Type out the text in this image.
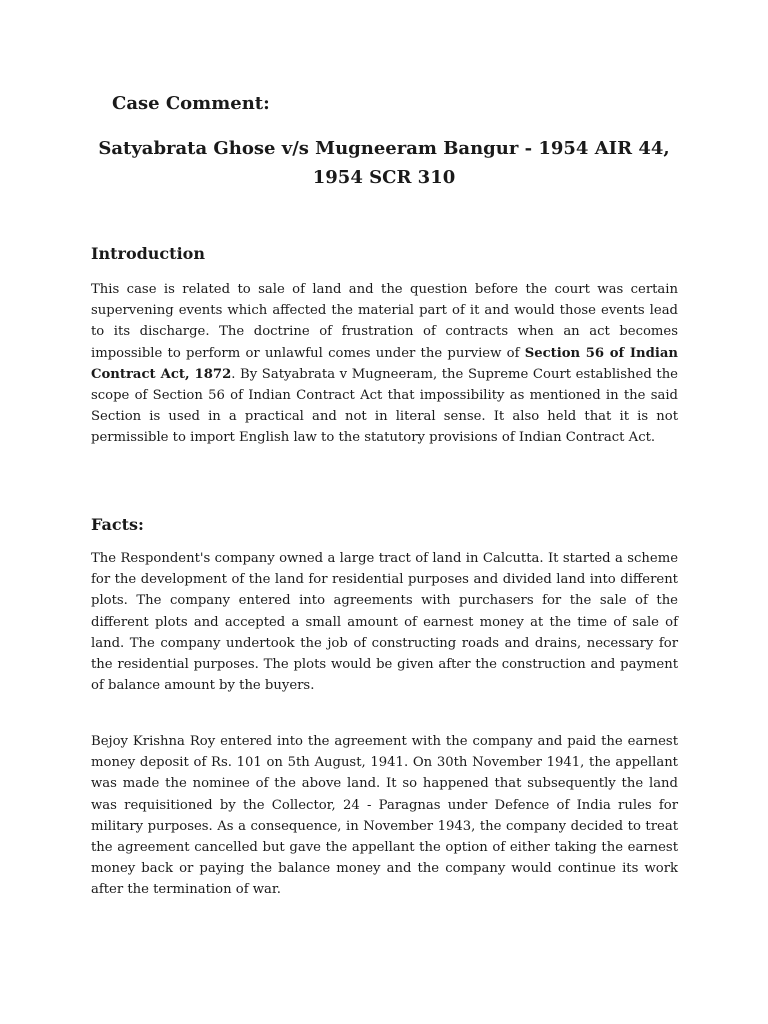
Case Comment:
Satyabrata Ghose v/s Mugneeram Bangur - 1954 AIR 44, 1954 SCR 310
Introduction

This case is related to sale of land and the question before the court was certain supervening events which affected the material part of it and would those events lead to its discharge. The doctrine of frustration of contracts when an act becomes impossible to perform or unlawful comes under the purview of Section 56 of Indian Contract Act, 1872. By Satyabrata v Mugneeram, the Supreme Court established the scope of Section 56 of Indian Contract Act that impossibility as mentioned in the said Section is used in a practical and not in literal sense. It also held that it is not permissible to import English law to the statutory provisions of Indian Contract Act.

Facts:

The Respondent's company owned a large tract of land in Calcutta. It started a scheme for the development of the land for residential purposes and divided land into different plots. The company entered into agreements with purchasers for the sale of the different plots and accepted a small amount of earnest money at the time of sale of land. The company undertook the job of constructing roads and drains, necessary for the residential purposes. The plots would be given after the construction and payment of balance amount by the buyers.

Bejoy Krishna Roy entered into the agreement with the company and paid the earnest money deposit of Rs. 101 on 5th August, 1941. On 30th November 1941, the appellant was made the nominee of the above land. It so happened that subsequently the land was requisitioned by the Collector, 24 - Paragnas under Defence of India rules for military purposes. As a consequence, in November 1943, the company decided to treat the agreement cancelled but gave the appellant the option of either taking the earnest money back or paying the balance money and the company would continue its work after the termination of war.
